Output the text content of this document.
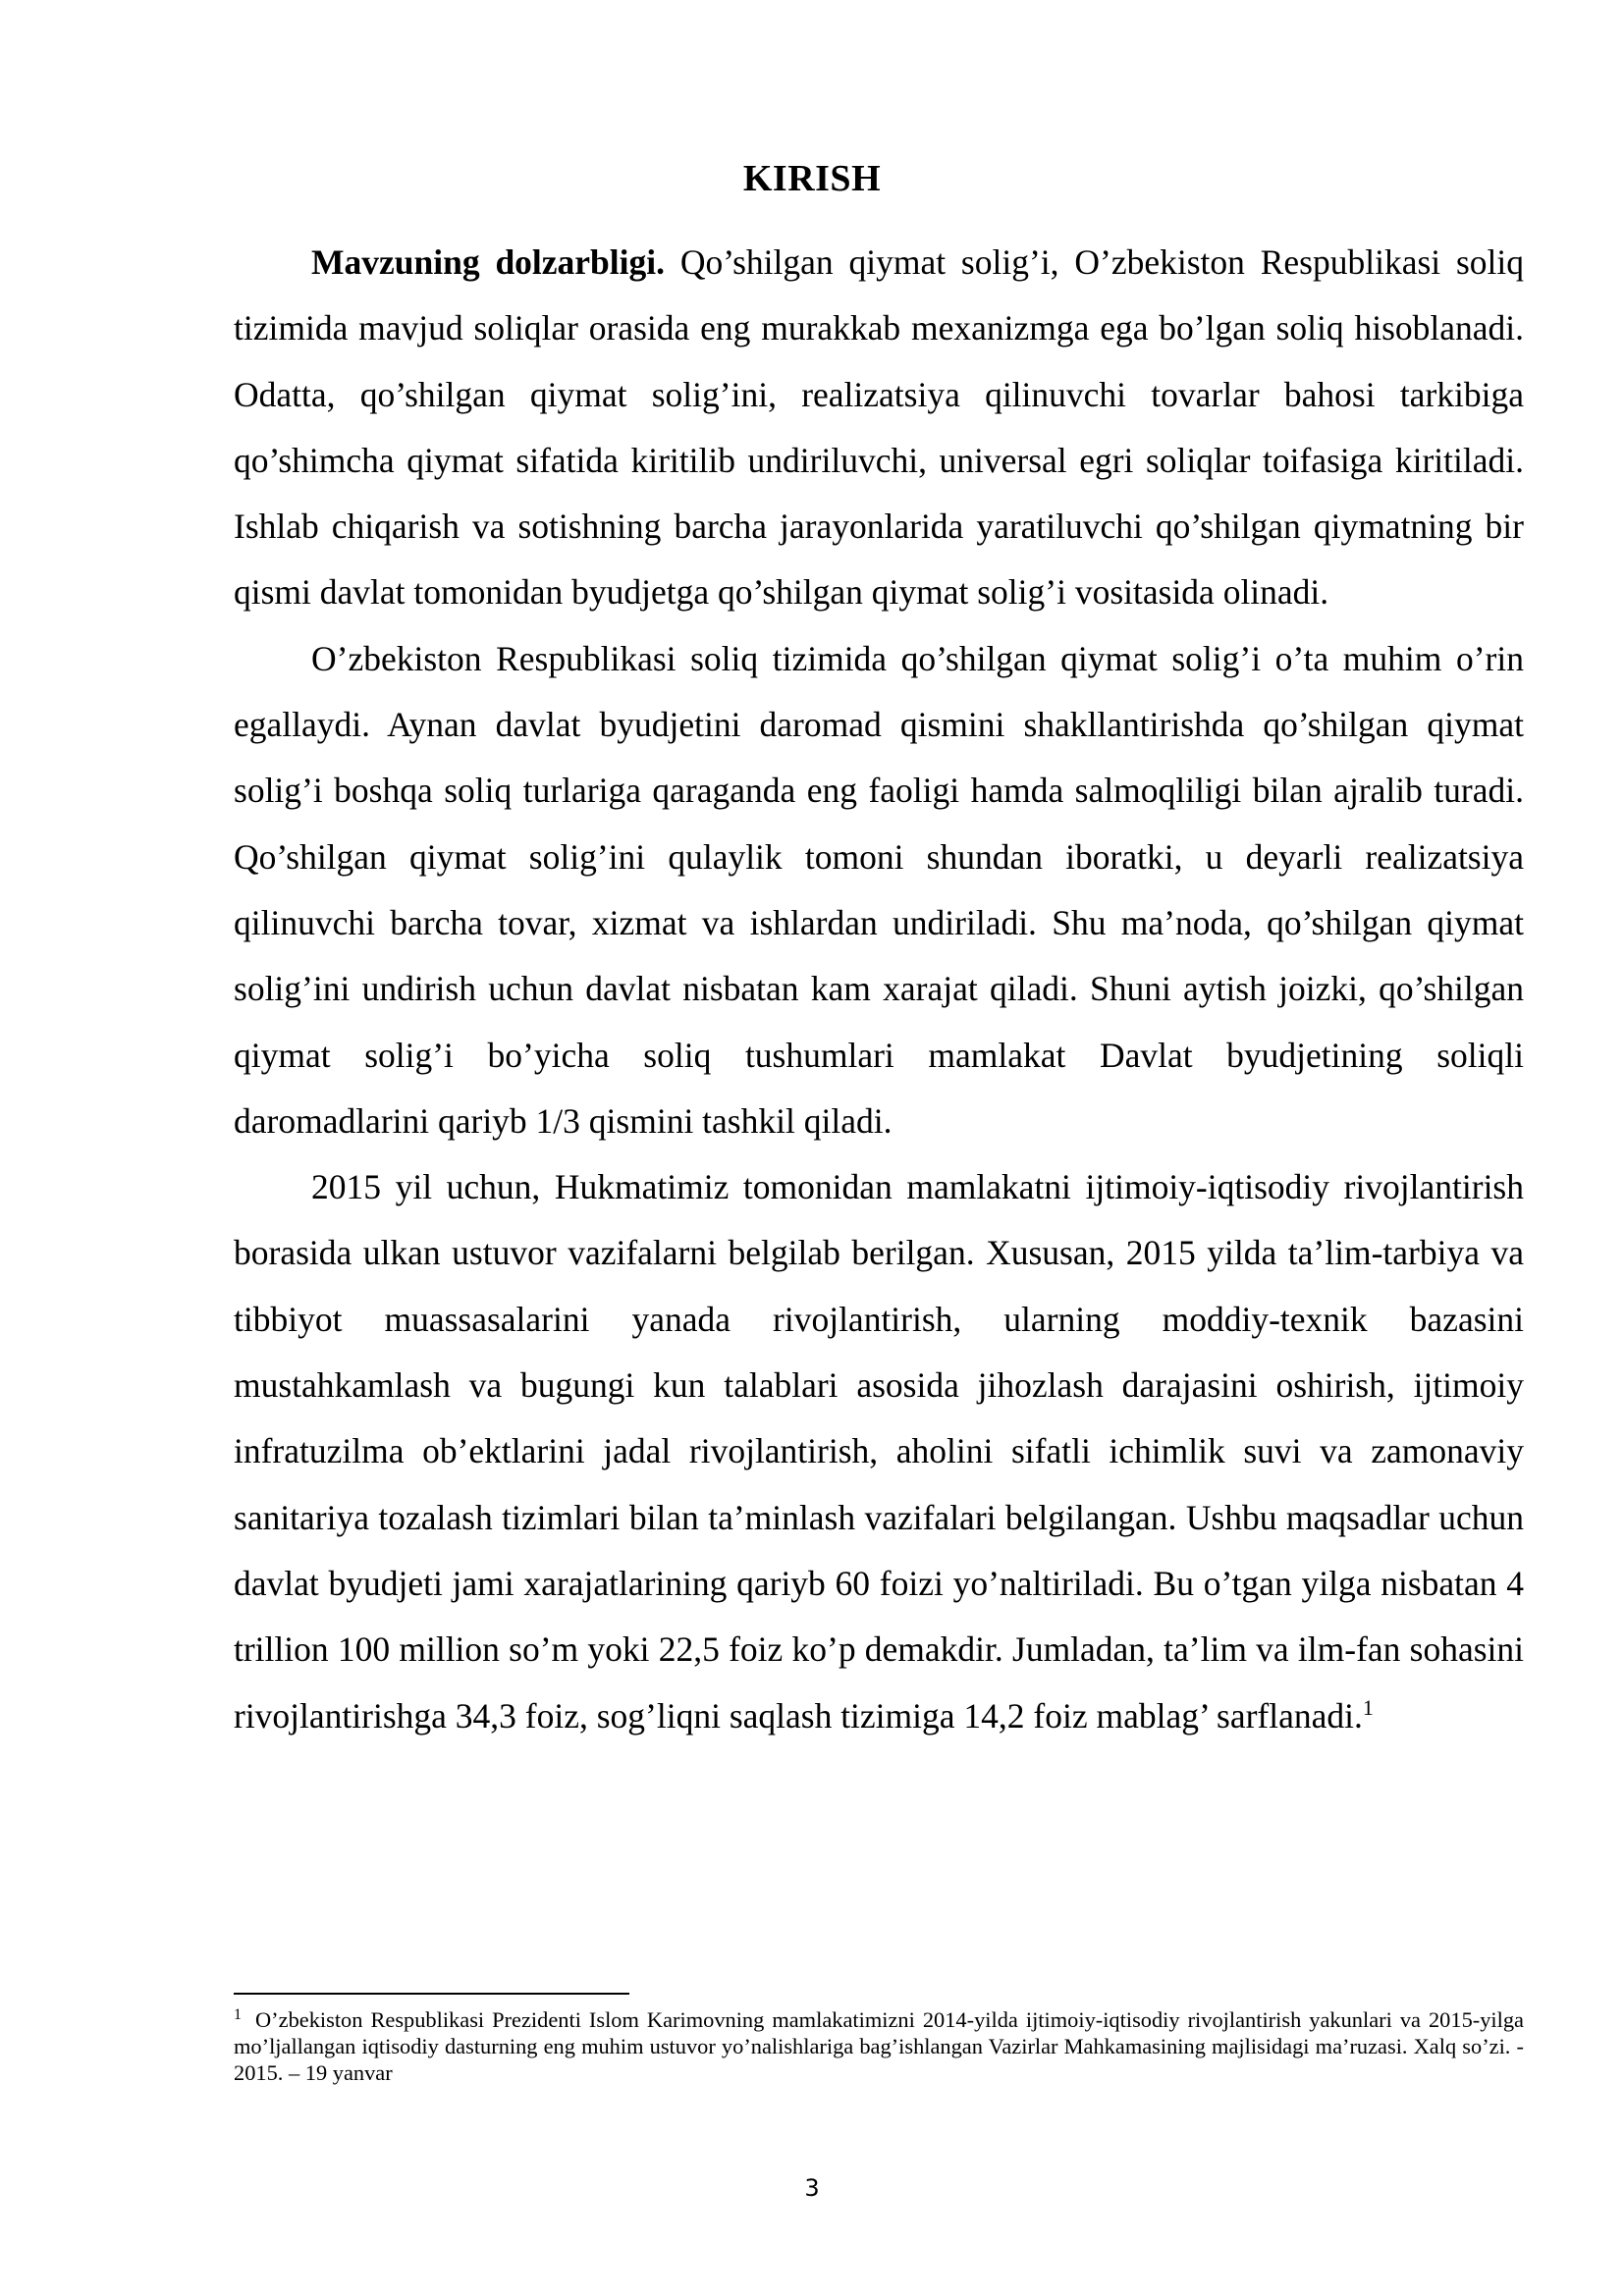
KIRISH

Mavzuning dolzarbligi. Qo’shilgan qiymat solig’i, O’zbekiston Respublikasi soliq tizimida mavjud soliqlar orasida eng murakkab mexanizmga ega bo’lgan soliq hisoblanadi. Odatta, qo’shilgan qiymat solig’ini, realizatsiya qilinuvchi tovarlar bahosi tarkibiga qo’shimcha qiymat sifatida kiritilib undiriluvchi, universal egri soliqlar toifasiga kiritiladi. Ishlab chiqarish va sotishning barcha jarayonlarida yaratiluvchi qo’shilgan qiymatning bir qismi davlat tomonidan byudjetga qo’shilgan qiymat solig’i vositasida olinadi.

O’zbekiston Respublikasi soliq tizimida qo’shilgan qiymat solig’i o’ta muhim o’rin egallaydi. Aynan davlat byudjetini daromad qismini shakllantirishda qo’shilgan qiymat solig’i boshqa soliq turlariga qaraganda eng faoligi hamda salmoqliligi bilan ajralib turadi. Qo’shilgan qiymat solig’ini qulaylik tomoni shundan iboratki, u deyarli realizatsiya qilinuvchi barcha tovar, xizmat va ishlardan undiriladi. Shu ma’noda, qo’shilgan qiymat solig’ini undirish uchun davlat nisbatan kam xarajat qiladi. Shuni aytish joizki, qo’shilgan qiymat solig’i bo’yicha soliq tushumlari mamlakat Davlat byudjetining soliqli daromadlarini qariyb 1/3 qismini tashkil qiladi.

2015 yil uchun, Hukmatimiz tomonidan mamlakatni ijtimoiy-iqtisodiy rivojlantirish borasida ulkan ustuvor vazifalarni belgilab berilgan. Xususan, 2015 yilda ta’lim-tarbiya va tibbiyot muassasalarini yanada rivojlantirish, ularning moddiy-texnik bazasini mustahkamlash va bugungi kun talablari asosida jihozlash darajasini oshirish, ijtimoiy infratuzilma ob’ektlarini jadal rivojlantirish, aholini sifatli ichimlik suvi va zamonaviy sanitariya tozalash tizimlari bilan ta’minlash vazifalari belgilangan. Ushbu maqsadlar uchun davlat byudjeti jami xarajatlarining qariyb 60 foizi yo’naltiriladi. Bu o’tgan yilga nisbatan 4 trillion 100 million so’m yoki 22,5 foiz ko’p demakdir. Jumladan, ta’lim va ilm-fan sohasini rivojlantirishga 34,3 foiz, sog’liqni saqlash tizimiga 14,2 foiz mablag’ sarflanadi.$^1$

$^1$ O’zbekiston Respublikasi Prezidenti Islom Karimovning mamlakatimizni 2014-yilda ijtimoiy-iqtisodiy rivojlantirish yakunlari va 2015-yilga mo’ljallangan iqtisodiy dasturning eng muhim ustuvor yo’nalishlariga bag’ishlangan Vazirlar Mahkamasining majlisidagi ma’ruzasi. Xalq so’zi. - 2015. – 19 yanvar

3
